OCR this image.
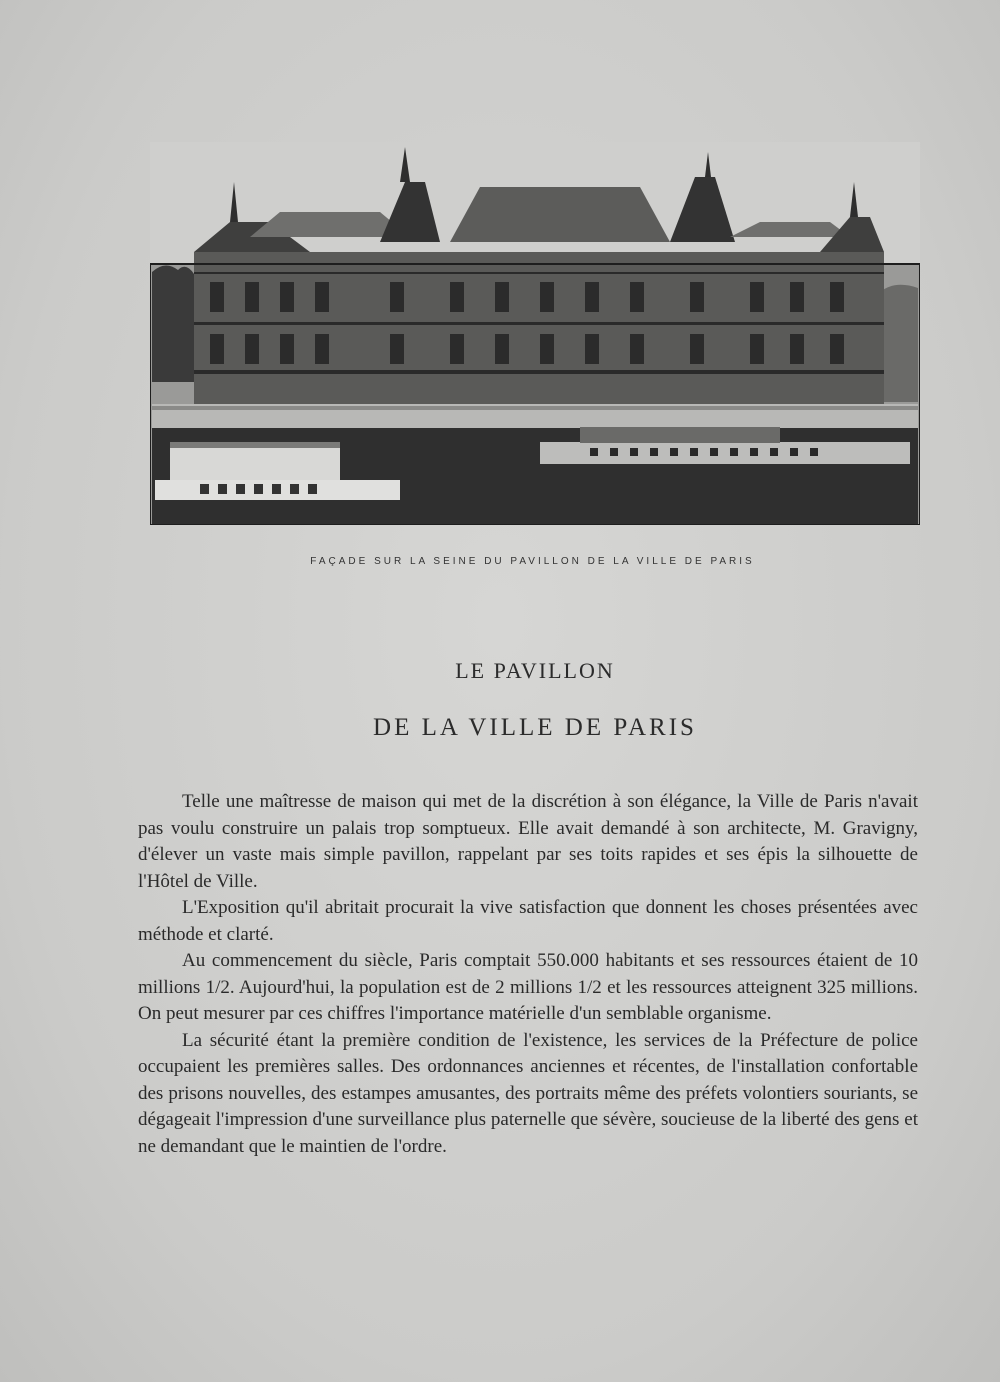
FAÇADE SUR LA SEINE DU PAVILLON DE LA VILLE DE PARIS
LE PAVILLON
DE LA VILLE DE PARIS

Telle une maîtresse de maison qui met de la discrétion à son élégance, la Ville de Paris n'avait pas voulu construire un palais trop somptueux. Elle avait demandé à son architecte, M. Gravigny, d'élever un vaste mais simple pavillon, rappelant par ses toits rapides et ses épis la silhouette de l'Hôtel de Ville.

L'Exposition qu'il abritait procurait la vive satisfaction que donnent les choses présentées avec méthode et clarté.

Au commencement du siècle, Paris comptait 550.000 habitants et ses ressources étaient de 10 millions 1/2. Aujourd'hui, la population est de 2 millions 1/2 et les ressources atteignent 325 millions. On peut mesurer par ces chiffres l'importance matérielle d'un semblable organisme.

La sécurité étant la première condition de l'existence, les services de la Préfecture de police occupaient les premières salles. Des ordonnances anciennes et récentes, de l'installation confortable des prisons nouvelles, des estampes amusantes, des portraits même des préfets volontiers souriants, se dégageait l'impression d'une surveillance plus paternelle que sévère, soucieuse de la liberté des gens et ne demandant que le maintien de l'ordre.
